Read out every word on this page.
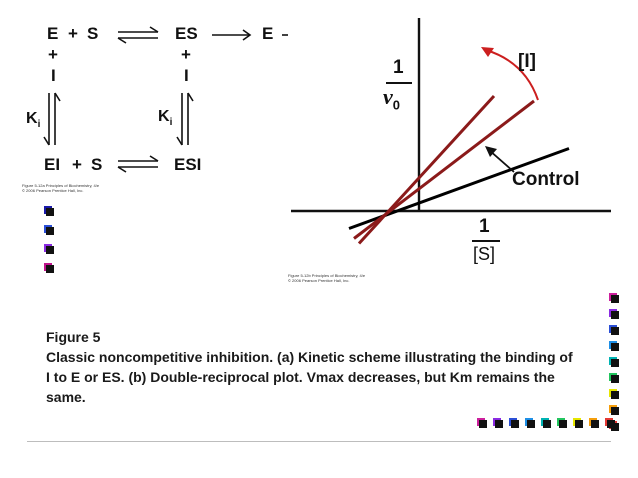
E + S	ES	E
+
I
+
I
$K_i$	$K_i$
EI + S	ESI
Figure 5-12a Principles of Biochemistry, 4/e
© 2006 Pearson Prentice Hall, Inc.
1
$\nu_0$
1
[S]
[I]
Control
Figure 5-12b Principles of Biochemistry, 4/e
© 2006 Pearson Prentice Hall, Inc.
Figure 5
Classic noncompetitive inhibition. (a) Kinetic scheme illustrating the binding of
I to E or ES. (b) Double-reciprocal plot. Vmax decreases, but Km remains the
same.
